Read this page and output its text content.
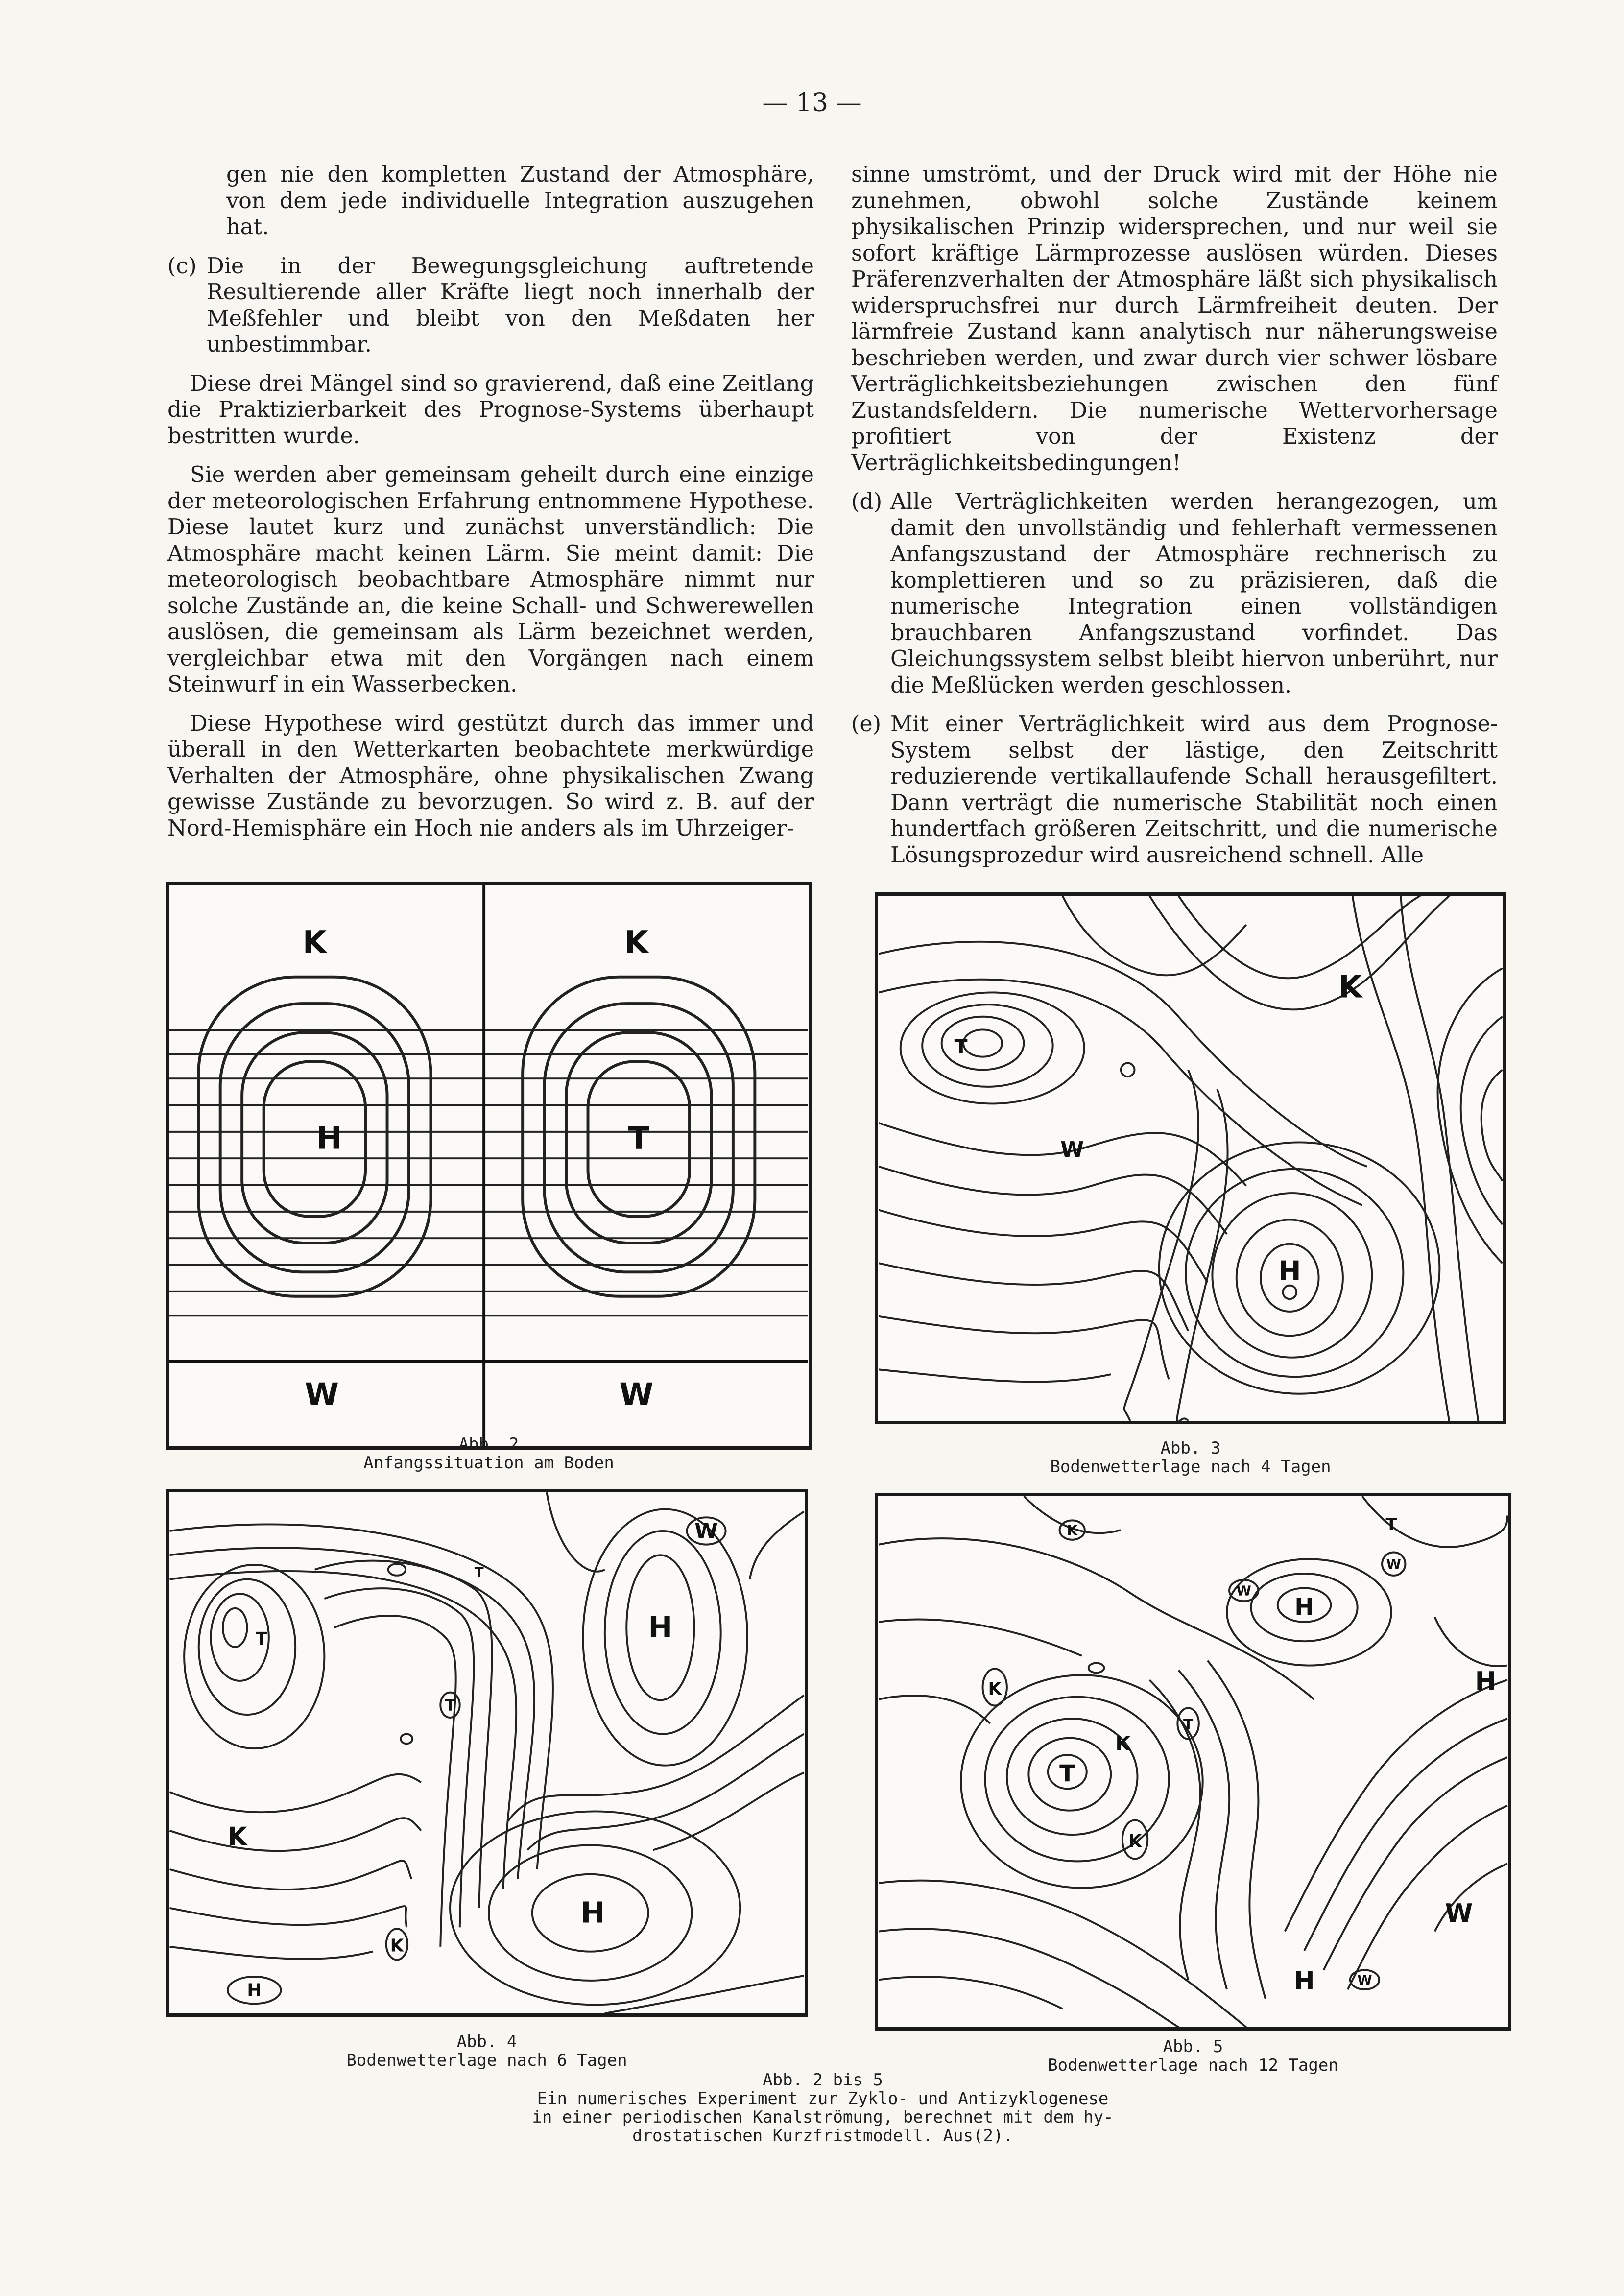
— 13 —

gen nie den kompletten Zustand der Atmosphäre, von dem jede individuelle Integration auszugehen hat.

(c) Die in der Bewegungsgleichung auftretende Resultierende aller Kräfte liegt noch innerhalb der Meßfehler und bleibt von den Meßdaten her unbestimmbar.

Diese drei Mängel sind so gravierend, daß eine Zeitlang die Praktizierbarkeit des Prognose-Systems überhaupt bestritten wurde.

Sie werden aber gemeinsam geheilt durch eine einzige der meteorologischen Erfahrung entnommene Hypothese. Diese lautet kurz und zunächst unverständlich: Die Atmosphäre macht keinen Lärm. Sie meint damit: Die meteorologisch beobachtbare Atmosphäre nimmt nur solche Zustände an, die keine Schall- und Schwerewellen auslösen, die gemeinsam als Lärm bezeichnet werden, vergleichbar etwa mit den Vorgängen nach einem Steinwurf in ein Wasserbecken.

Diese Hypothese wird gestützt durch das immer und überall in den Wetterkarten beobachtete merkwürdige Verhalten der Atmosphäre, ohne physikalischen Zwang gewisse Zustände zu bevorzugen. So wird z. B. auf der Nord-Hemisphäre ein Hoch nie anders als im Uhrzeiger-

sinne umströmt, und der Druck wird mit der Höhe nie zunehmen, obwohl solche Zustände keinem physikalischen Prinzip widersprechen, und nur weil sie sofort kräftige Lärmprozesse auslösen würden. Dieses Präferenzverhalten der Atmosphäre läßt sich physikalisch widerspruchsfrei nur durch Lärmfreiheit deuten. Der lärmfreie Zustand kann analytisch nur näherungsweise beschrieben werden, und zwar durch vier schwer lösbare Verträglichkeitsbeziehungen zwischen den fünf Zustandsfeldern. Die numerische Wettervorhersage profitiert von der Existenz der Verträglichkeitsbedingungen!

(d) Alle Verträglichkeiten werden herangezogen, um damit den unvollständig und fehlerhaft vermessenen Anfangszustand der Atmosphäre rechnerisch zu komplettieren und so zu präzisieren, daß die numerische Integration einen vollständigen brauchbaren Anfangszustand vorfindet. Das Gleichungssystem selbst bleibt hiervon unberührt, nur die Meßlücken werden geschlossen.
(e) Mit einer Verträglichkeit wird aus dem Prognose-System selbst der lästige, den Zeitschritt reduzierende vertikallaufende Schall herausgefiltert. Dann verträgt die numerische Stabilität noch einen hundertfach größeren Zeitschritt, und die numerische Lösungsprozedur wird ausreichend schnell. Alle
K	K
H	T
W	W
Abb. 2
Anfangssituation am Boden
K
T
W
H
Abb. 3
Bodenwetterlage nach 4 Tagen
W
T
T
T
H
K
H
K
H
Abb. 4
Bodenwetterlage nach 6 Tagen
K	T
W
W
H
H
K
T
K
T
K
W
H	W
Abb. 5
Bodenwetterlage nach 12 Tagen
Abb. 2 bis 5
Ein numerisches Experiment zur Zyklo- und Antizyklogenese
in einer periodischen Kanalströmung, berechnet mit dem hy-
drostatischen Kurzfristmodell. Aus(2).
